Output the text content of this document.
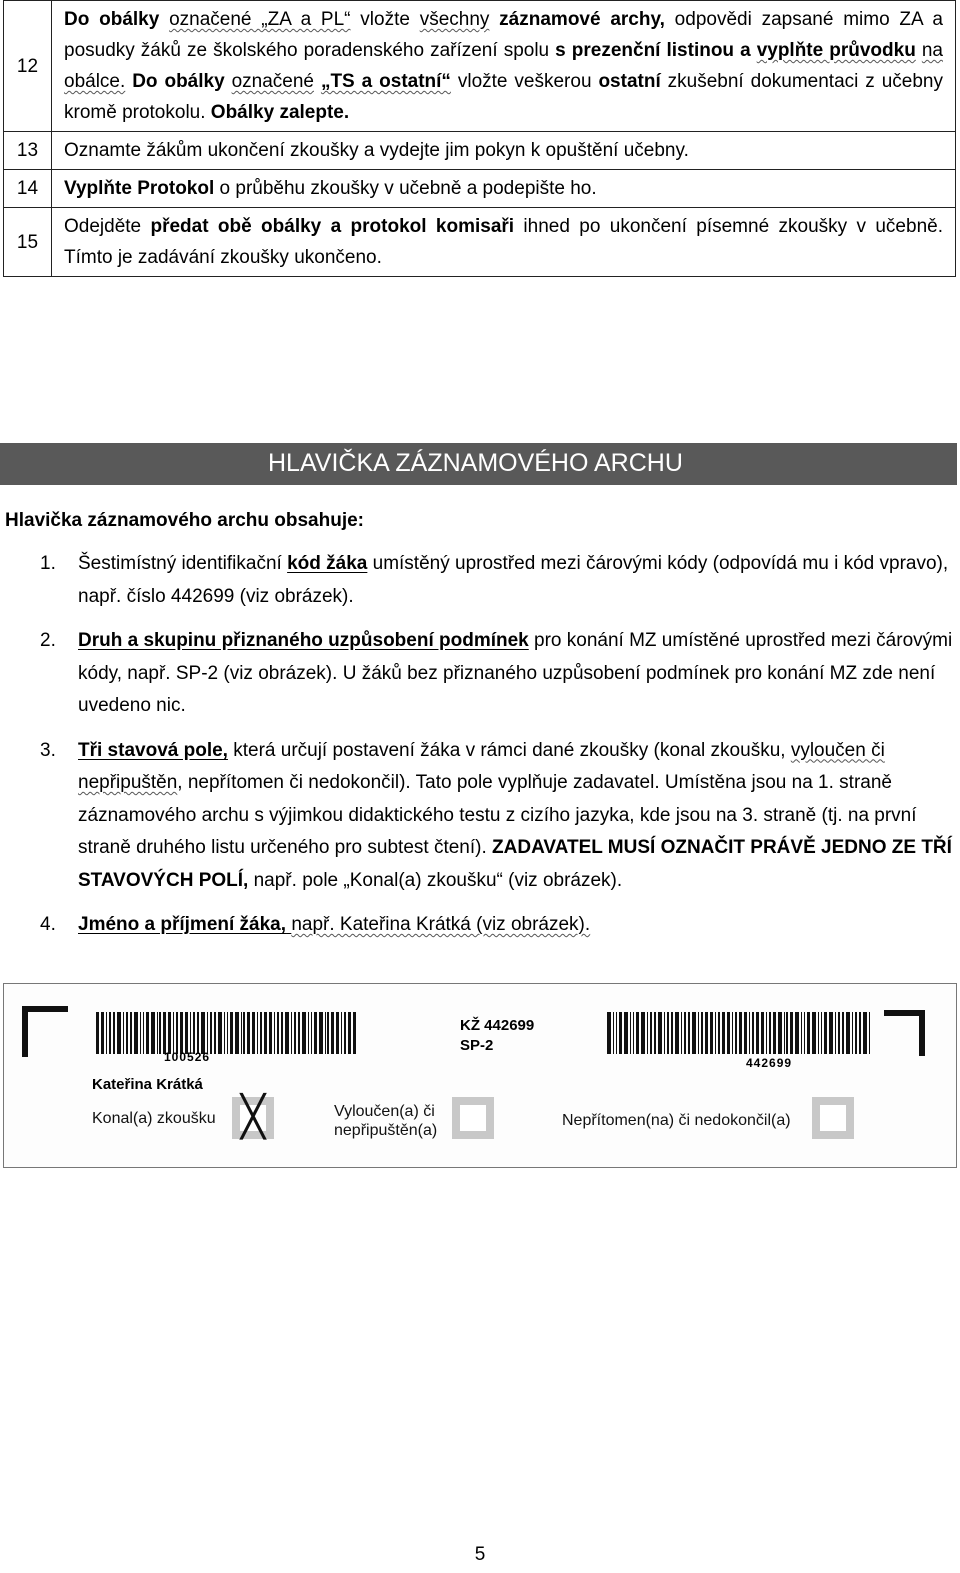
12	Do obálky označené „ZA a PL“ vložte všechny záznamové archy, odpovědi zapsané mimo ZA a posudky žáků ze školského poradenského zařízení spolu s prezenční listinou a vyplňte průvodku na obálce. Do obálky označené „TS a ostatní“ vložte veškerou ostatní zkušební dokumentaci z učebny kromě protokolu. Obálky zalepte.
13	Oznamte žákům ukončení zkoušky a vydejte jim pokyn k opuštění učebny.
14	Vyplňte Protokol o průběhu zkoušky v učebně a podepište ho.
15	Odejděte předat obě obálky a protokol komisaři ihned po ukončení písemné zkoušky v učebně. Tímto je zadávání zkoušky ukončeno.
HLAVIČKA ZÁZNAMOVÉHO ARCHU
Hlavička záznamového archu obsahuje:
1. Šestimístný identifikační kód žáka umístěný uprostřed mezi čárovými kódy (odpovídá mu i kód vpravo), např. číslo 442699 (viz obrázek).
2. Druh a skupinu přiznaného uzpůsobení podmínek pro konání MZ umístěné uprostřed mezi čárovými kódy, např. SP-2 (viz obrázek). U žáků bez přiznaného uzpůsobení podmínek pro konání MZ zde není uvedeno nic.
3. Tři stavová pole, která určují postavení žáka v rámci dané zkoušky (konal zkoušku, vyloučen či nepřipuštěn, nepřítomen či nedokončil). Tato pole vyplňuje zadavatel. Umístěna jsou na 1. straně záznamového archu s výjimkou didaktického testu z cizího jazyka, kde jsou na 3. straně (tj. na první straně druhého listu určeného pro subtest čtení). ZADAVATEL MUSÍ OZNAČIT PRÁVĚ JEDNO ZE TŘÍ STAVOVÝCH POLÍ, např. pole „Konal(a) zkoušku“ (viz obrázek).
4. Jméno a příjmení žáka, např. Kateřina Krátká (viz obrázek).
100526
KŽ 442699
SP-2
442699
Kateřina Krátká
Konal(a) zkoušku ╳	Vyloučen(a) či
nepřipuštěn(a)
Nepřítomen(na) či nedokončil(a)
5
